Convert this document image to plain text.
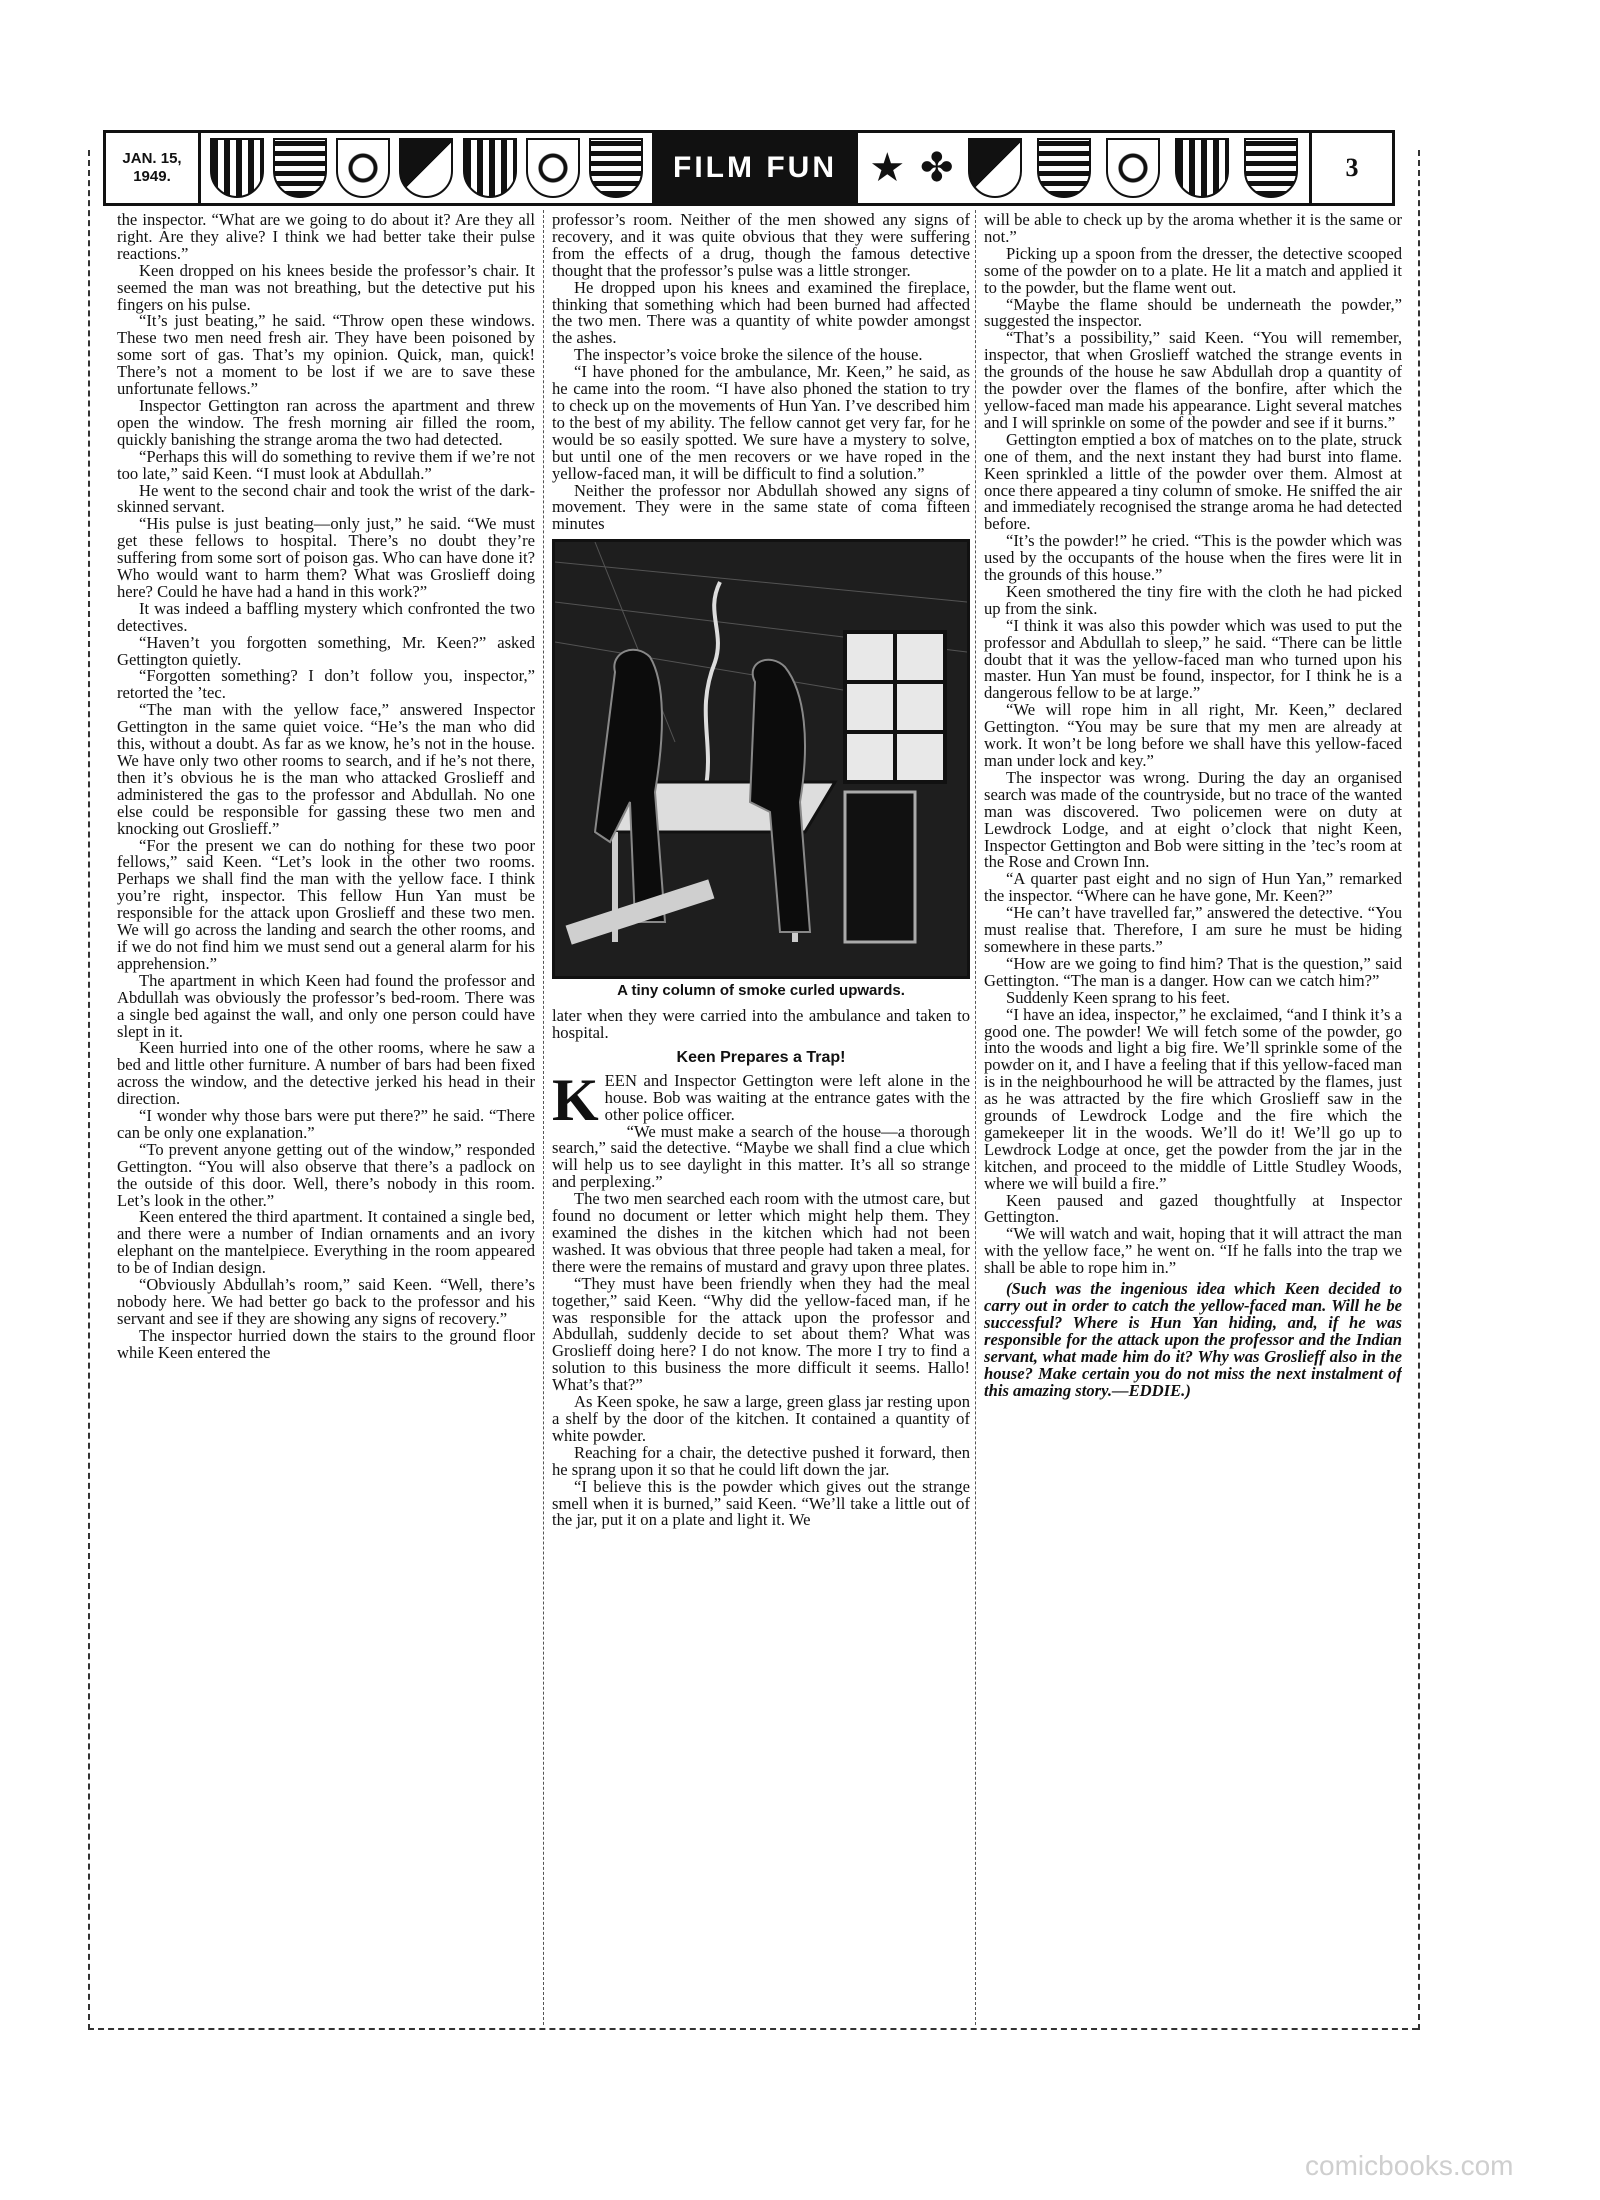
JAN. 15,
1949.	FILM FUN ★ ✤	3

the inspector. “What are we going to do about it? Are they all right. Are they alive? I think we had better take their pulse reactions.”

Keen dropped on his knees beside the professor’s chair. It seemed the man was not breathing, but the detective put his fingers on his pulse.

“It’s just beating,” he said. “Throw open these windows. These two men need fresh air. They have been poisoned by some sort of gas. That’s my opinion. Quick, man, quick! There’s not a moment to be lost if we are to save these unfortunate fellows.”

Inspector Gettington ran across the apartment and threw open the window. The fresh morning air filled the room, quickly banishing the strange aroma the two had detected.

“Perhaps this will do something to revive them if we’re not too late,” said Keen. “I must look at Abdullah.”

He went to the second chair and took the wrist of the dark-skinned servant.

“His pulse is just beating—only just,” he said. “We must get these fellows to hospital. There’s no doubt they’re suffering from some sort of poison gas. Who can have done it? Who would want to harm them? What was Groslieff doing here? Could he have had a hand in this work?”

It was indeed a baffling mystery which confronted the two detectives.

“Haven’t you forgotten something, Mr. Keen?” asked Gettington quietly.

“Forgotten something? I don’t follow you, inspector,” retorted the ’tec.

“The man with the yellow face,” answered Inspector Gettington in the same quiet voice. “He’s the man who did this, without a doubt. As far as we know, he’s not in the house. We have only two other rooms to search, and if he’s not there, then it’s obvious he is the man who attacked Groslieff and administered the gas to the professor and Abdullah. No one else could be responsible for gassing these two men and knocking out Groslieff.”

“For the present we can do nothing for these two poor fellows,” said Keen. “Let’s look in the other two rooms. Perhaps we shall find the man with the yellow face. I think you’re right, inspector. This fellow Hun Yan must be responsible for the attack upon Groslieff and these two men. We will go across the landing and search the other rooms, and if we do not find him we must send out a general alarm for his apprehension.”

The apartment in which Keen had found the professor and Abdullah was obviously the professor’s bed-room. There was a single bed against the wall, and only one person could have slept in it.

Keen hurried into one of the other rooms, where he saw a bed and little other furniture. A number of bars had been fixed across the window, and the detective jerked his head in their direction.

“I wonder why those bars were put there?” he said. “There can be only one explanation.”

“To prevent anyone getting out of the window,” responded Gettington. “You will also observe that there’s a padlock on the outside of this door. Well, there’s nobody in this room. Let’s look in the other.”

Keen entered the third apartment. It contained a single bed, and there were a number of Indian ornaments and an ivory elephant on the mantelpiece. Everything in the room appeared to be of Indian design.

“Obviously Abdullah’s room,” said Keen. “Well, there’s nobody here. We had better go back to the professor and his servant and see if they are showing any signs of recovery.”

The inspector hurried down the stairs to the ground floor while Keen entered the

professor’s room. Neither of the men showed any signs of recovery, and it was quite obvious that they were suffering from the effects of a drug, though the famous detective thought that the professor’s pulse was a little stronger.

He dropped upon his knees and examined the fireplace, thinking that something which had been burned had affected the two men. There was a quantity of white powder amongst the ashes.

The inspector’s voice broke the silence of the house.

“I have phoned for the ambulance, Mr. Keen,” he said, as he came into the room. “I have also phoned the station to try to check up on the movements of Hun Yan. I’ve described him to the best of my ability. The fellow cannot get very far, for he would be so easily spotted. We sure have a mystery to solve, but until one of the men recovers or we have roped in the yellow-faced man, it will be difficult to find a solution.”

Neither the professor nor Abdullah showed any signs of movement. They were in the same state of coma fifteen minutes

A tiny column of smoke curled upwards.

later when they were carried into the ambulance and taken to hospital.

Keen Prepares a Trap!

KEEN and Inspector Gettington were left alone in the house. Bob was waiting at the entrance gates with the other police officer.

“We must make a search of the house—a thorough search,” said the detective. “Maybe we shall find a clue which will help us to see daylight in this matter. It’s all so strange and perplexing.”

The two men searched each room with the utmost care, but found no document or letter which might help them. They examined the dishes in the kitchen which had not been washed. It was obvious that three people had taken a meal, for there were the remains of mustard and gravy upon three plates.

“They must have been friendly when they had the meal together,” said Keen. “Why did the yellow-faced man, if he was responsible for the attack upon the professor and Abdullah, suddenly decide to set about them? What was Groslieff doing here? I do not know. The more I try to find a solution to this business the more difficult it seems. Hallo! What’s that?”

As Keen spoke, he saw a large, green glass jar resting upon a shelf by the door of the kitchen. It contained a quantity of white powder.

Reaching for a chair, the detective pushed it forward, then he sprang upon it so that he could lift down the jar.

“I believe this is the powder which gives out the strange smell when it is burned,” said Keen. “We’ll take a little out of the jar, put it on a plate and light it. We

will be able to check up by the aroma whether it is the same or not.”

Picking up a spoon from the dresser, the detective scooped some of the powder on to a plate. He lit a match and applied it to the powder, but the flame went out.

“Maybe the flame should be underneath the powder,” suggested the inspector.

“That’s a possibility,” said Keen. “You will remember, inspector, that when Groslieff watched the strange events in the grounds of the house he saw Abdullah drop a quantity of the powder over the flames of the bonfire, after which the yellow-faced man made his appearance. Light several matches and I will sprinkle on some of the powder and see if it burns.”

Gettington emptied a box of matches on to the plate, struck one of them, and the next instant they had burst into flame. Keen sprinkled a little of the powder over them. Almost at once there appeared a tiny column of smoke. He sniffed the air and immediately recognised the strange aroma he had detected before.

“It’s the powder!” he cried. “This is the powder which was used by the occupants of the house when the fires were lit in the grounds of this house.”

Keen smothered the tiny fire with the cloth he had picked up from the sink.

“I think it was also this powder which was used to put the professor and Abdullah to sleep,” he said. “There can be little doubt that it was the yellow-faced man who turned upon his master. Hun Yan must be found, inspector, for I think he is a dangerous fellow to be at large.”

“We will rope him in all right, Mr. Keen,” declared Gettington. “You may be sure that my men are already at work. It won’t be long before we shall have this yellow-faced man under lock and key.”

The inspector was wrong. During the day an organised search was made of the countryside, but no trace of the wanted man was discovered. Two policemen were on duty at Lewdrock Lodge, and at eight o’clock that night Keen, Inspector Gettington and Bob were sitting in the ’tec’s room at the Rose and Crown Inn.

“A quarter past eight and no sign of Hun Yan,” remarked the inspector. “Where can he have gone, Mr. Keen?”

“He can’t have travelled far,” answered the detective. “You must realise that. Therefore, I am sure he must be hiding somewhere in these parts.”

“How are we going to find him? That is the question,” said Gettington. “The man is a danger. How can we catch him?”

Suddenly Keen sprang to his feet.

“I have an idea, inspector,” he exclaimed, “and I think it’s a good one. The powder! We will fetch some of the powder, go into the woods and light a big fire. We’ll sprinkle some of the powder on it, and I have a feeling that if this yellow-faced man is in the neighbourhood he will be attracted by the flames, just as he was attracted by the fire which Groslieff saw in the grounds of Lewdrock Lodge and the fire which the gamekeeper lit in the woods. We’ll do it! We’ll go up to Lewdrock Lodge at once, get the powder from the jar in the kitchen, and proceed to the middle of Little Studley Woods, where we will build a fire.”

Keen paused and gazed thoughtfully at Inspector Gettington.

“We will watch and wait, hoping that it will attract the man with the yellow face,” he went on. “If he falls into the trap we shall be able to rope him in.”

(Such was the ingenious idea which Keen decided to carry out in order to catch the yellow-faced man. Will he be successful? Where is Hun Yan hiding, and, if he was responsible for the attack upon the professor and the Indian servant, what made him do it? Why was Groslieff also in the house? Make certain you do not miss the next instalment of this amazing story.—EDDIE.)

comicbooks.com
